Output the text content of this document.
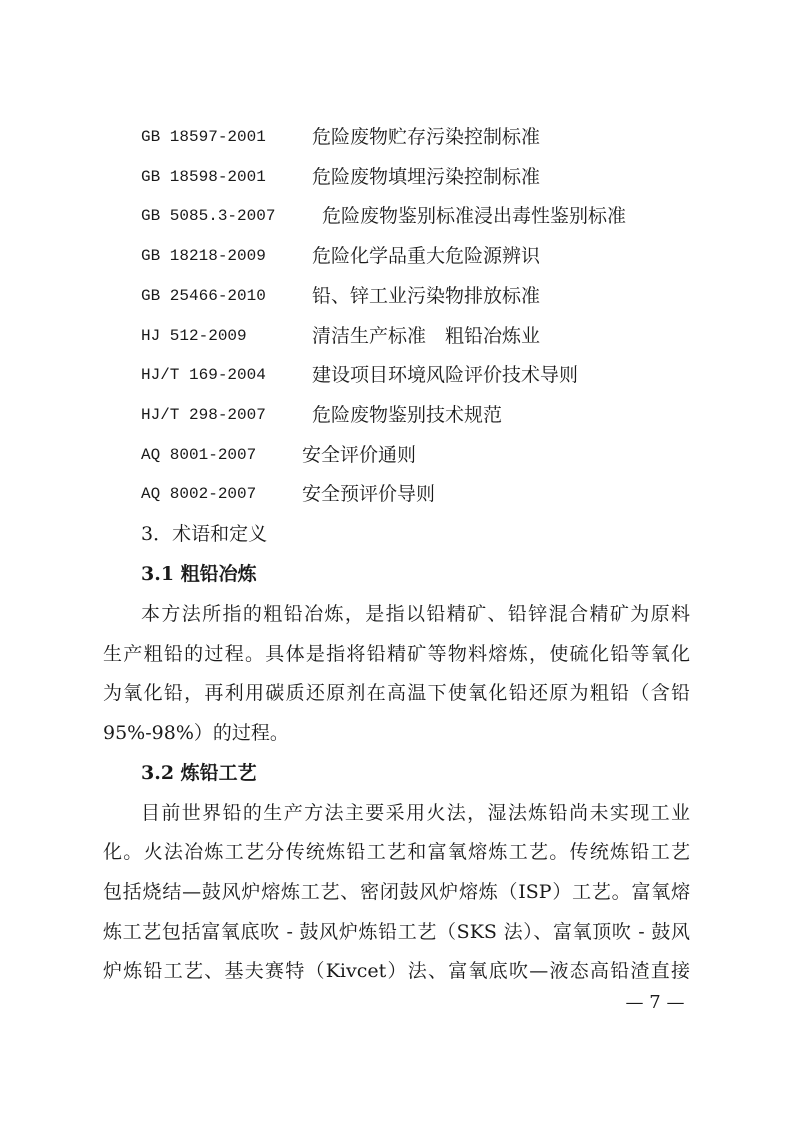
GB 18597-2001 危险废物贮存污染控制标准
GB 18598-2001 危险废物填埋污染控制标准
GB 5085.3-2007 危险废物鉴别标准浸出毒性鉴别标准
GB 18218-2009 危险化学品重大危险源辨识
GB 25466-2010 铅、锌工业污染物排放标准
HJ 512-2009	清洁生产标准　粗铅冶炼业
HJ/T 169-2004 建设项目环境风险评价技术导则
HJ/T 298-2007 危险废物鉴别技术规范
AQ 8001-2007 安全评价通则
AQ 8002-2007 安全预评价导则
3．术语和定义
3.1 粗铅冶炼
本方法所指的粗铅冶炼，是指以铅精矿、铅锌混合精矿为原料
生产粗铅的过程。具体是指将铅精矿等物料熔炼，使硫化铅等氧化
为氧化铅，再利用碳质还原剂在高温下使氧化铅还原为粗铅（含铅
95%-98%）的过程。
3.2 炼铅工艺
目前世界铅的生产方法主要采用火法，湿法炼铅尚未实现工业
化。火法冶炼工艺分传统炼铅工艺和富氧熔炼工艺。传统炼铅工艺
包括烧结—鼓风炉熔炼工艺、密闭鼓风炉熔炼（ISP）工艺。富氧熔
炼工艺包括富氧底吹 - 鼓风炉炼铅工艺（SKS 法）、富氧顶吹 - 鼓风
炉炼铅工艺、基夫赛特（Kivcet）法、富氧底吹—液态高铅渣直接
— 7 —
